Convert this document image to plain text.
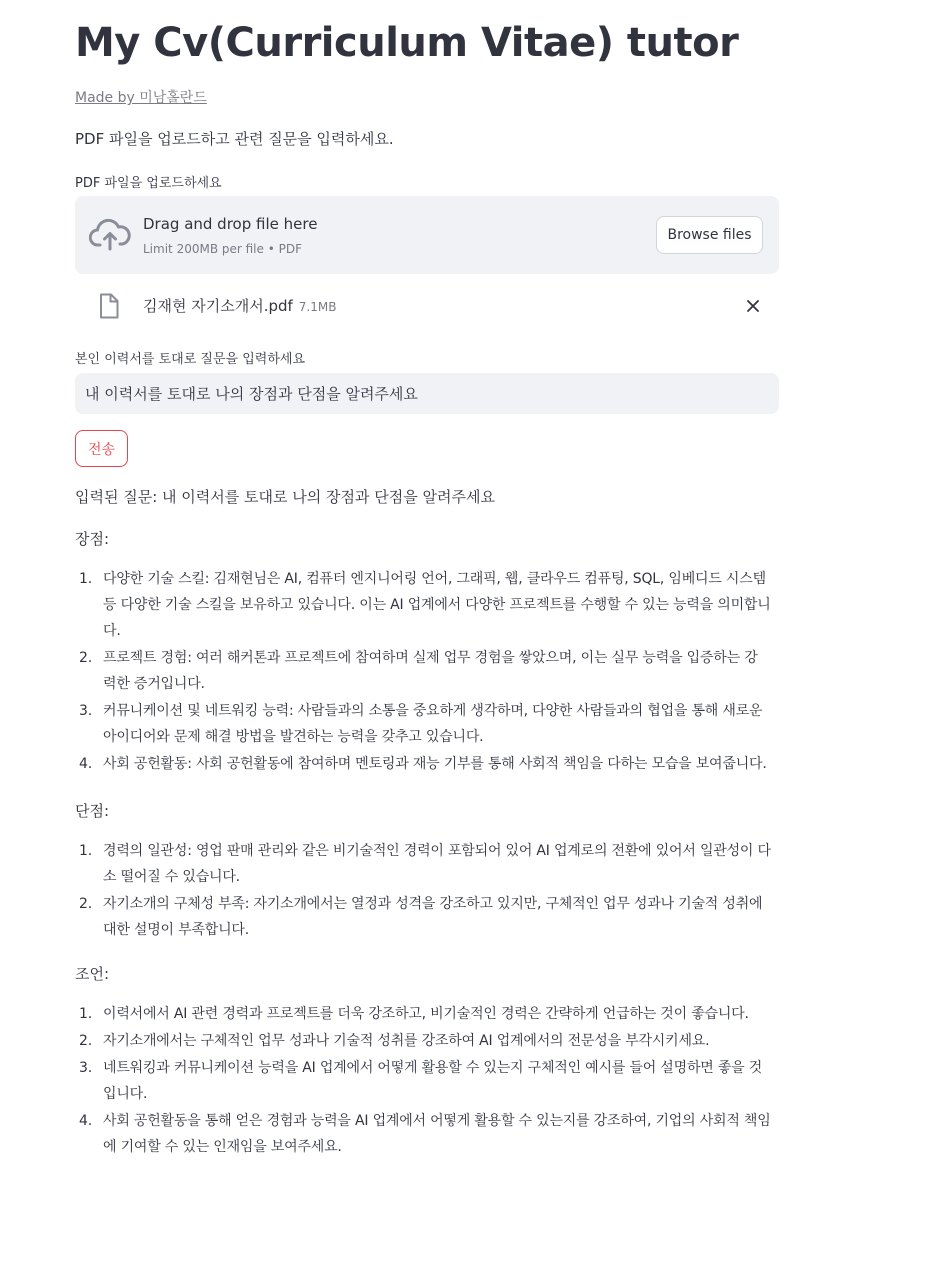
My Cv(Curriculum Vitae) tutor
Made by 미남홀란드
PDF 파일을 업로드하고 관련 질문을 입력하세요.
PDF 파일을 업로드하세요
Drag and drop file here
Limit 200MB per file • PDF
Browse files
김재현 자기소개서.pdf 7.1MB
본인 이력서를 토대로 질문을 입력하세요
내 이력서를 토대로 나의 장점과 단점을 알려주세요
전송
입력된 질문: 내 이력서를 토대로 나의 장점과 단점을 알려주세요
장점:
1. 다양한 기술 스킬: 김재현님은 AI, 컴퓨터 엔지니어링 언어, 그래픽, 웹, 클라우드 컴퓨팅, SQL, 임베디드 시스템
등 다양한 기술 스킬을 보유하고 있습니다. 이는 AI 업계에서 다양한 프로젝트를 수행할 수 있는 능력을 의미합니
다.
2. 프로젝트 경험: 여러 해커톤과 프로젝트에 참여하며 실제 업무 경험을 쌓았으며, 이는 실무 능력을 입증하는 강
력한 증거입니다.
3. 커뮤니케이션 및 네트워킹 능력: 사람들과의 소통을 중요하게 생각하며, 다양한 사람들과의 협업을 통해 새로운
아이디어와 문제 해결 방법을 발견하는 능력을 갖추고 있습니다.
4. 사회 공헌활동: 사회 공헌활동에 참여하며 멘토링과 재능 기부를 통해 사회적 책임을 다하는 모습을 보여줍니다.
단점:
1. 경력의 일관성: 영업 판매 관리와 같은 비기술적인 경력이 포함되어 있어 AI 업계로의 전환에 있어서 일관성이 다
소 떨어질 수 있습니다.
2. 자기소개의 구체성 부족: 자기소개에서는 열정과 성격을 강조하고 있지만, 구체적인 업무 성과나 기술적 성취에
대한 설명이 부족합니다.
조언:
1. 이력서에서 AI 관련 경력과 프로젝트를 더욱 강조하고, 비기술적인 경력은 간략하게 언급하는 것이 좋습니다.
2. 자기소개에서는 구체적인 업무 성과나 기술적 성취를 강조하여 AI 업계에서의 전문성을 부각시키세요.
3. 네트워킹과 커뮤니케이션 능력을 AI 업계에서 어떻게 활용할 수 있는지 구체적인 예시를 들어 설명하면 좋을 것
입니다.
4. 사회 공헌활동을 통해 얻은 경험과 능력을 AI 업계에서 어떻게 활용할 수 있는지를 강조하여, 기업의 사회적 책임
에 기여할 수 있는 인재임을 보여주세요.
